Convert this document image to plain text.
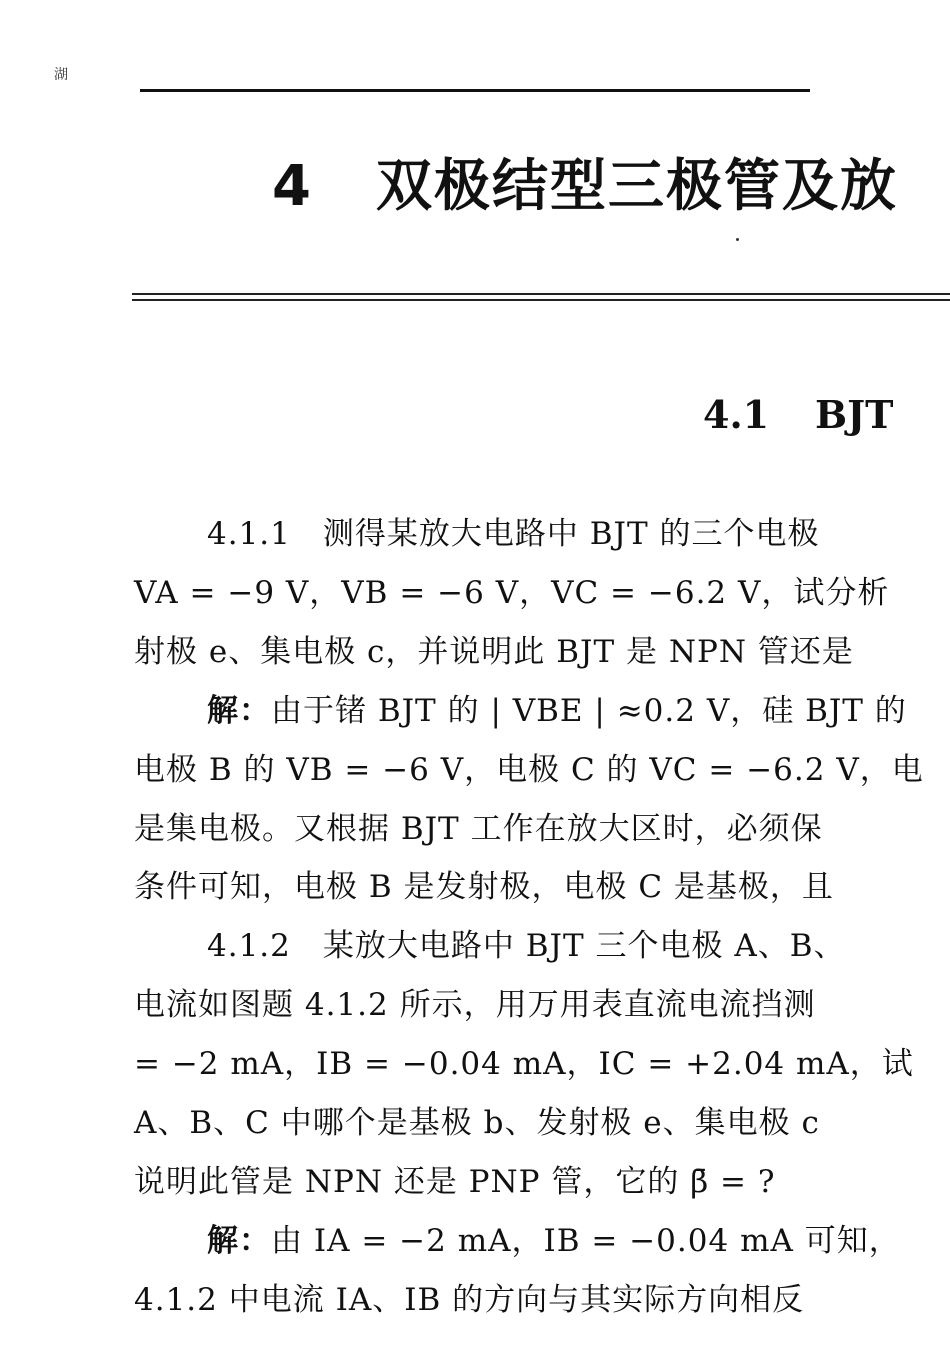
湖
4 双极结型三极管及放
4.1 BJT
4.1.1　测得某放大电路中 BJT 的三个电极
VA = −9 V，VB = −6 V，VC = −6.2 V，试分析
射极 e、集电极 c，并说明此 BJT 是 NPN 管还是
解：由于锗 BJT 的 | VBE | ≈0.2 V，硅 BJT 的
电极 B 的 VB = −6 V，电极 C 的 VC = −6.2 V，电
是集电极。又根据 BJT 工作在放大区时，必须保
条件可知，电极 B 是发射极，电极 C 是基极，且
4.1.2　某放大电路中 BJT 三个电极 A、B、
电流如图题 4.1.2 所示，用万用表直流电流挡测
= −2 mA，IB = −0.04 mA，IC = +2.04 mA，试
A、B、C 中哪个是基极 b、发射极 e、集电极 c
说明此管是 NPN 还是 PNP 管，它的 β̄ = ?
解：由 IA = −2 mA，IB = −0.04 mA 可知，
4.1.2 中电流 IA、IB 的方向与其实际方向相反
